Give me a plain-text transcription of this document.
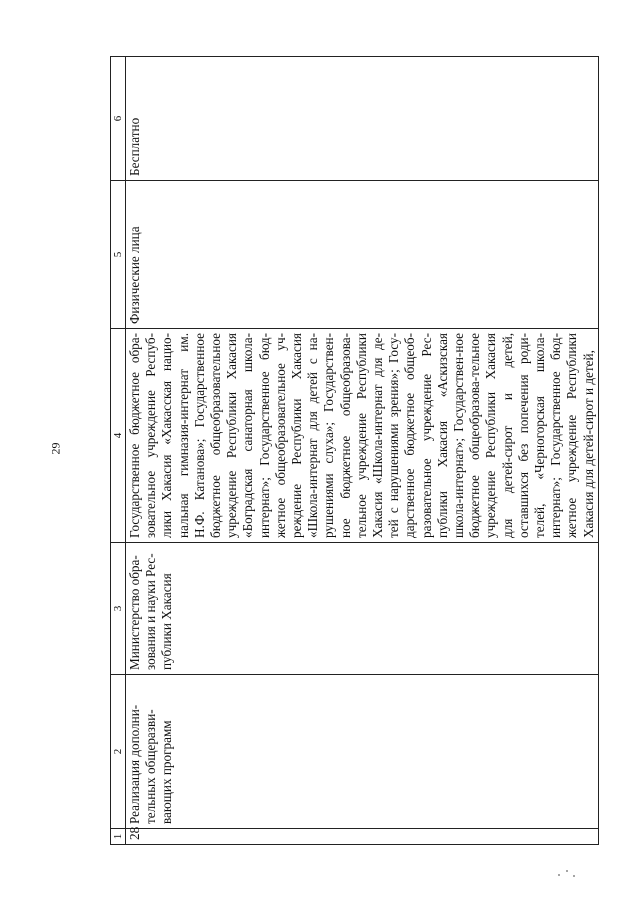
29
1	2	3	4	5	6

28	Реализация дополни-тельных общеразви-вающих программ	Министерство обра-зования и науки Рес-публики Хакасия	Государственное бюджетное обра-зовательное учреждение Респуб-лики Хакасия «Хакасская нацио-нальная гимназия-интернат им. Н.Ф. Катанова»; Государственное бюджетное общеобразовательное учреждение Республики Хакасия «Боградская санаторная школа-интернат»; Государственное бюд-жетное общеобразовательное уч-реждение Республики Хакасия «Школа-интернат для детей с на-рушениями слуха»; Государствен-ное бюджетное общеобразова-тельное учреждение Республики Хакасия «Школа-интернат для де-тей с нарушениями зрения»; Госу-дарственное бюджетное общеоб-разовательное учреждение Рес-публики Хакасия «Аскизская школа-интернат»; Государствен-ное бюджетное общеобразова-тельное учреждение Республики Хакасия для детей-сирот и детей, оставшихся без попечения роди-телей, «Черногорская школа-интернат»; Государственное бюд-жетное учреждение Республики Хакасия для детей-сирот и детей,	Физические лица	Бесплатно
